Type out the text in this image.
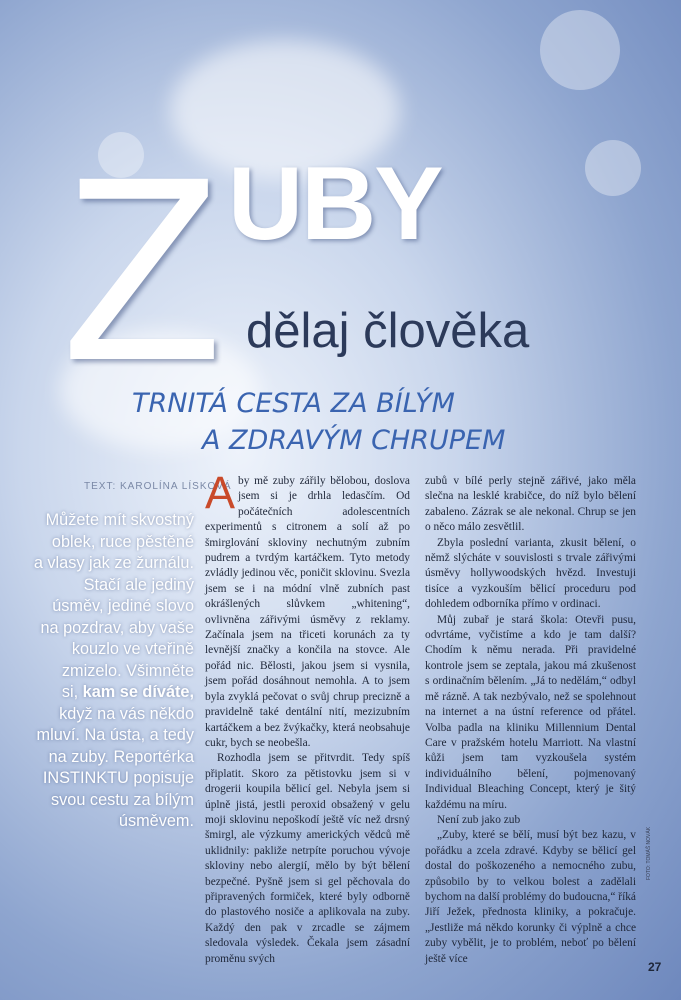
Z UBY
dělaj člověka
TRNITÁ CESTA ZA BÍLÝM
A ZDRAVÝM CHRUPEM
TEXT: KAROLÍNA LÍSKOVÁ
Můžete mít skvostný
oblek, ruce pěstěné
a vlasy jak ze žurnálu.
Stačí ale jediný
úsměv, jediné slovo
na pozdrav, aby vaše
kouzlo ve vteřině
zmizelo. Všimněte
si, kam se díváte,
když na vás někdo
mluví. Na ústa, a tedy
na zuby. Reportérka
INSTINKTU popisuje
svou cestu za bílým
úsměvem.

Aby mě zuby zářily bělobou, doslova jsem si je drhla ledasčím. Od počátečních adolescentních experimentů s citronem a solí až po šmirglování skloviny nechutným zubním pudrem a tvrdým kartáčkem. Tyto metody zvládly jedinou věc, poničit sklovinu. Svezla jsem se i na módní vlně zubních past okrášlených slůvkem „whitening“, ovlivněna zářivými úsměvy z reklamy. Začínala jsem na třiceti korunách za ty levnější značky a končila na stovce. Ale pořád nic. Bělosti, jakou jsem si vysnila, jsem pořád dosáhnout nemohla. A to jsem byla zvyklá pečovat o svůj chrup precizně a pravidelně také dentální nití, mezizubním kartáčkem a bez žvýkačky, která neobsahuje cukr, bych se neobešla.

Rozhodla jsem se přitvrdit. Tedy spíš připlatit. Skoro za pětistovku jsem si v drogerii koupila bělicí gel. Nebyla jsem si úplně jistá, jestli peroxid obsažený v gelu moji sklovinu nepoškodí ještě víc než drsný šmirgl, ale výzkumy amerických vědců mě uklidnily: pakliže netrpíte poruchou vývoje skloviny nebo alergií, mělo by být bělení bezpečné. Pyšně jsem si gel pěchovala do připravených formiček, které byly odborně do plastového nosiče a aplikovala na zuby. Každý den pak v zrcadle se zájmem sledovala výsledek. Čekala jsem zásadní proměnu svých

zubů v bílé perly stejně zářivé, jako měla slečna na lesklé krabičce, do níž bylo bělení zabaleno. Zázrak se ale nekonal. Chrup se jen o něco málo zesvětlil.

Zbyla poslední varianta, zkusit bělení, o němž slýcháte v souvislosti s trvale zářivými úsměvy hollywoodských hvězd. Investuji tisíce a vyzkouším bělicí proceduru pod dohledem odborníka přímo v ordinaci.

Můj zubař je stará škola: Otevři pusu, odvrtáme, vyčistíme a kdo je tam další? Chodím k němu nerada. Při pravidelné kontrole jsem se zeptala, jakou má zkušenost s ordinačním bělením. „Já to nedělám,“ odbyl mě rázně. A tak nezbývalo, než se spolehnout na internet a na ústní reference od přátel. Volba padla na kliniku Millennium Dental Care v pražském hotelu Marriott. Na vlastní kůži jsem tam vyzkoušela systém individuálního bělení, pojmenovaný Individual Bleaching Concept, který je šitý každému na míru.

Není zub jako zub

„Zuby, které se bělí, musí být bez kazu, v pořádku a zcela zdravé. Kdyby se bělicí gel dostal do poškozeného a nemocného zubu, způsobilo by to velkou bolest a zadělali bychom na další problémy do budoucna,“ říká Jiří Ježek, přednosta kliniky, a pokračuje. „Jestliže má někdo korunky či výplně a chce zuby vybělit, je to problém, neboť po bělení ještě více

FOTO: TOMÁŠ NOVÁK
27
